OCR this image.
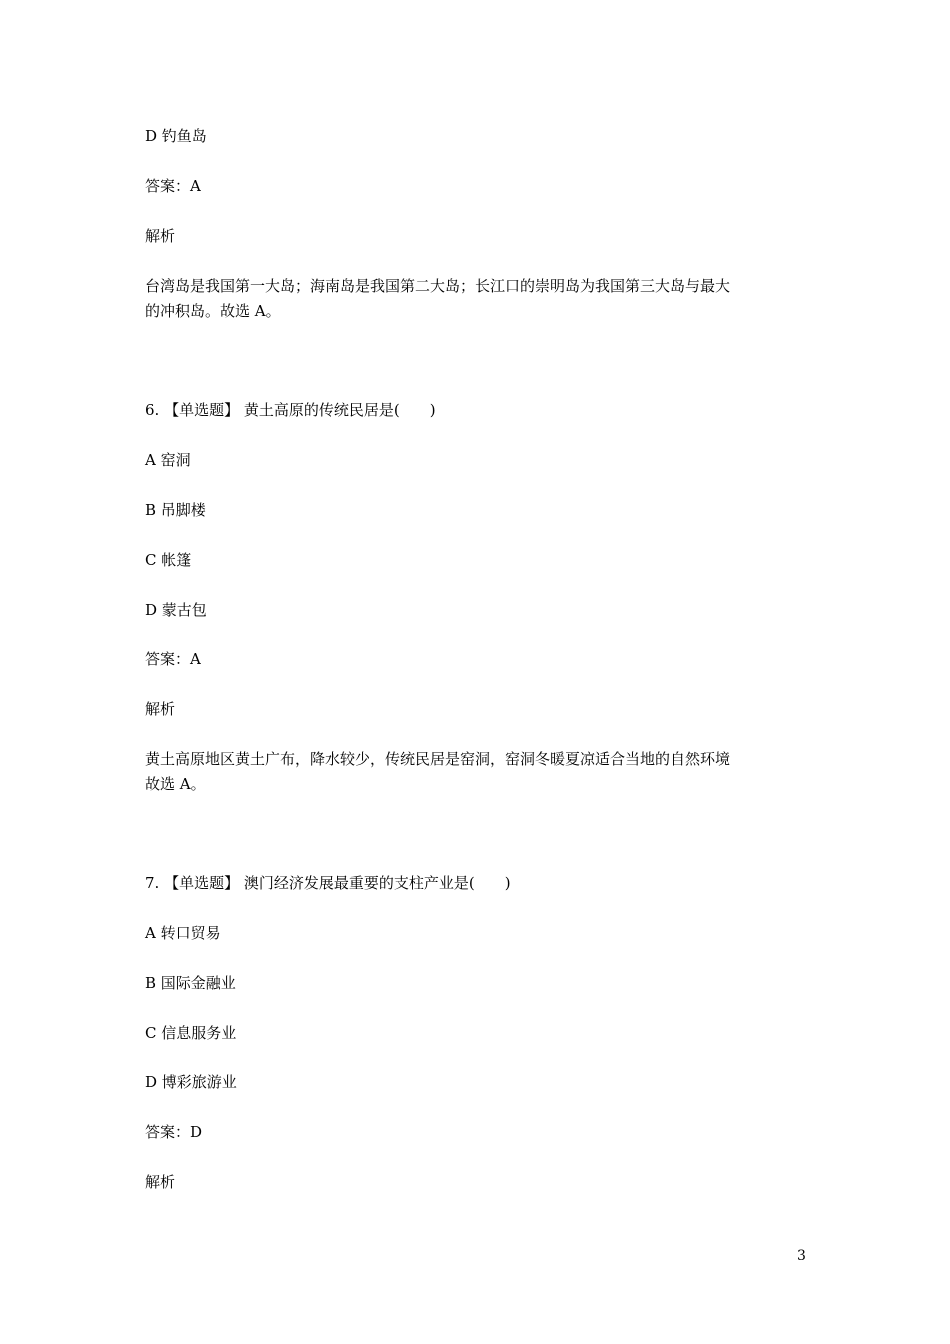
D 钓鱼岛
答案：A
解析
台湾岛是我国第一大岛；海南岛是我国第二大岛；长江口的崇明岛为我国第三大岛与最大
的冲积岛。故选 A。
6. 【单选题】 黄土高原的传统民居是(　　)
A 窑洞
B 吊脚楼
C 帐篷
D 蒙古包
答案：A
解析
黄土高原地区黄土广布，降水较少，传统民居是窑洞，窑洞冬暖夏凉适合当地的自然环境
故选 A。
7. 【单选题】 澳门经济发展最重要的支柱产业是(　　)
A 转口贸易
B 国际金融业
C 信息服务业
D 博彩旅游业
答案：D
解析
3
